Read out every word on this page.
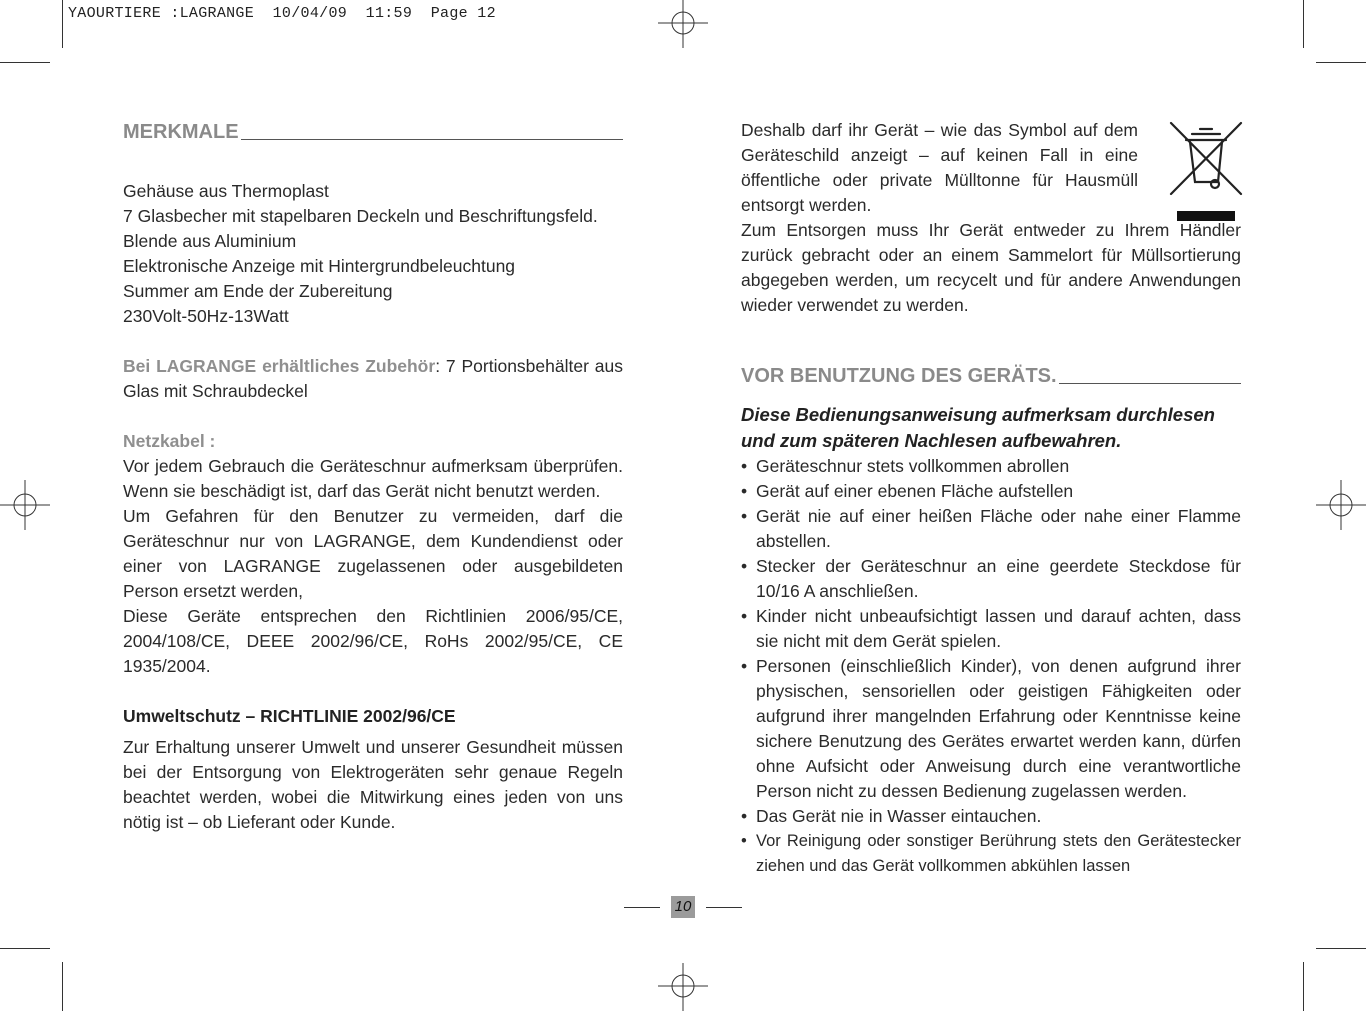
YAOURTIERE :LAGRANGE  10/04/09  11:59  Page 12
MERKMALE
Gehäuse aus Thermoplast
7 Glasbecher mit stapelbaren Deckeln und Beschriftungsfeld.
Blende aus Aluminium
Elektronische Anzeige mit Hintergrundbeleuchtung
Summer am Ende der Zubereitung
230Volt-50Hz-13Watt

Bei LAGRANGE erhältliches Zubehör: 7 Portionsbehälter aus Glas mit Schraubdeckel

Netzkabel :

Vor jedem Gebrauch die Geräteschnur aufmerksam überprüfen. Wenn sie beschädigt ist, darf das Gerät nicht benutzt werden.

Um Gefahren für den Benutzer zu vermeiden, darf die Geräteschnur nur von LAGRANGE, dem Kundendienst oder einer von LAGRANGE zugelassenen oder ausgebildeten Person ersetzt werden,

Diese Geräte entsprechen den Richtlinien 2006/95/CE, 2004/108/CE, DEEE 2002/96/CE, RoHs 2002/95/CE, CE 1935/2004.

Umweltschutz – RICHTLINIE 2002/96/CE

Zur Erhaltung unserer Umwelt und unserer Gesundheit müssen bei der Entsorgung von Elektrogeräten sehr genaue Regeln beachtet werden, wobei die Mitwirkung eines jeden von uns nötig ist – ob Lieferant oder Kunde.

Deshalb darf ihr Gerät – wie das Symbol auf dem Geräteschild anzeigt – auf keinen Fall in eine öffentliche oder private Mülltonne für Hausmüll entsorgt werden.

Zum Entsorgen muss Ihr Gerät entweder zu Ihrem Händler zurück gebracht oder an einem Sammelort für Müllsortierung abgegeben werden, um recycelt und für andere Anwendungen wieder verwendet zu werden.

VOR BENUTZUNG DES GERÄTS.

Diese Bedienungsanweisung aufmerksam durchlesen und zum späteren Nachlesen aufbewahren.

• Geräteschnur stets vollkommen abrollen
• Gerät auf einer ebenen Fläche aufstellen
• Gerät nie auf einer heißen Fläche oder nahe einer Flamme abstellen.
• Stecker der Geräteschnur an eine geerdete Steckdose für 10/16 A anschließen.
• Kinder nicht unbeaufsichtigt lassen und darauf achten, dass sie nicht mit dem Gerät spielen.
• Personen (einschließlich Kinder), von denen aufgrund ihrer physischen, sensoriellen oder geistigen Fähigkeiten oder aufgrund ihrer mangelnden Erfahrung oder Kenntnisse keine sichere Benutzung des Gerätes erwartet werden kann, dürfen ohne Aufsicht oder Anweisung durch eine verantwortliche Person nicht zu dessen Bedienung zugelassen werden.
• Das Gerät nie in Wasser eintauchen.
• Vor Reinigung oder sonstiger Berührung stets den Gerätestecker ziehen und das Gerät vollkommen abkühlen lassen
10
